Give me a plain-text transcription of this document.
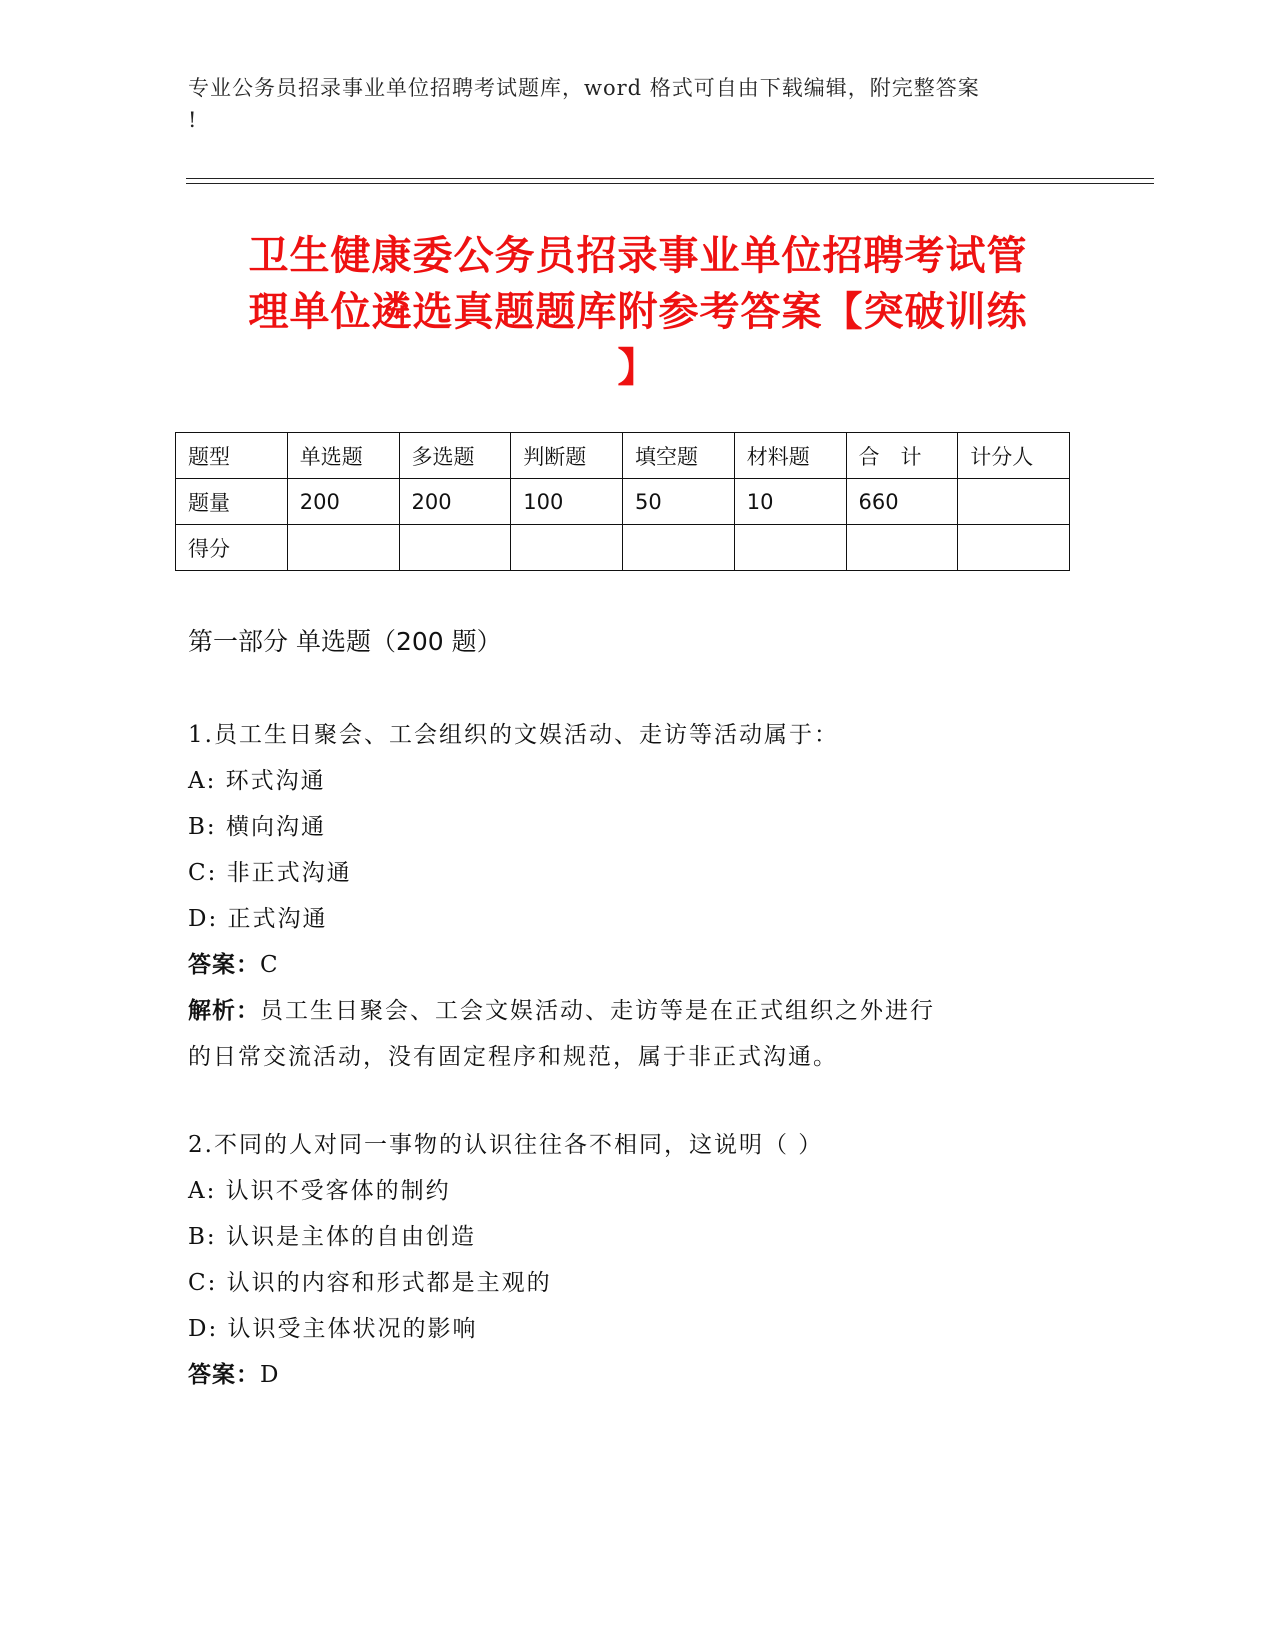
专业公务员招录事业单位招聘考试题库，word 格式可自由下载编辑，附完整答案
!
卫生健康委公务员招录事业单位招聘考试管
理单位遴选真题题库附参考答案【突破训练
】
题型	单选题	多选题	判断题	填空题	材料题	合　计	计分人
题量	200	200	100	50	10	660	
得分							
第一部分 单选题（200 题）

1.员工生日聚会、工会组织的文娱活动、走访等活动属于：

A: 环式沟通

B: 横向沟通

C: 非正式沟通

D: 正式沟通

答案：C

解析：员工生日聚会、工会文娱活动、走访等是在正式组织之外进行

的日常交流活动，没有固定程序和规范，属于非正式沟通。

2.不同的人对同一事物的认识往往各不相同，这说明（ ）

A: 认识不受客体的制约

B: 认识是主体的自由创造

C: 认识的内容和形式都是主观的

D: 认识受主体状况的影响

答案：D
